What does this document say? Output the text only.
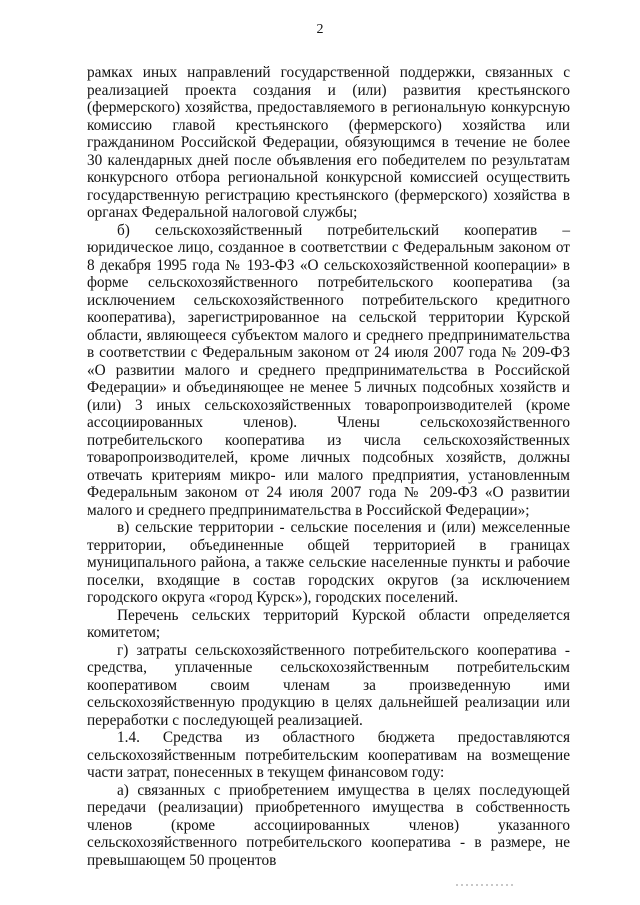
2

рамках иных направлений государственной поддержки, связанных с реализацией проекта создания и (или) развития крестьянского (фермерского) хозяйства, предоставляемого в региональную конкурсную комиссию главой крестьянского (фермерского) хозяйства или гражданином Российской Федерации, обязующимся в течение не более 30 календарных дней после объявления его победителем по результатам конкурсного отбора региональной конкурсной комиссией осуществить государственную регистрацию крестьянского (фермерского) хозяйства в органах Федеральной налоговой службы;

б) сельскохозяйственный потребительский кооператив – юридическое лицо, созданное в соответствии с Федеральным законом от 8 декабря 1995 года № 193-ФЗ «О сельскохозяйственной кооперации» в форме сельскохозяйственного потребительского кооператива (за исключением сельскохозяйственного потребительского кредитного кооператива), зарегистрированное на сельской территории Курской области, являющееся субъектом малого и среднего предпринимательства в соответствии с Федеральным законом от 24 июля 2007 года № 209-ФЗ «О развитии малого и среднего предпринимательства в Российской Федерации» и объединяющее не менее 5 личных подсобных хозяйств и (или) 3 иных сельскохозяйственных товаропроизводителей (кроме ассоциированных членов). Члены сельскохозяйственного потребительского кооператива из числа сельскохозяйственных товаропроизводителей, кроме личных подсобных хозяйств, должны отвечать критериям микро- или малого предприятия, установленным Федеральным законом от 24 июля 2007 года № 209-ФЗ «О развитии малого и среднего предпринимательства в Российской Федерации»;

в) сельские территории - сельские поселения и (или) межселенные территории, объединенные общей территорией в границах муниципального района, а также сельские населенные пункты и рабочие поселки, входящие в состав городских округов (за исключением городского округа «город Курск»), городских поселений.

Перечень сельских территорий Курской области определяется комитетом;

г) затраты сельскохозяйственного потребительского кооператива - средства, уплаченные сельскохозяйственным потребительским кооперативом своим членам за произведенную ими сельскохозяйственную продукцию в целях дальнейшей реализации или переработки с последующей реализацией.

1.4. Средства из областного бюджета предоставляются сельскохозяйственным потребительским кооперативам на возмещение части затрат, понесенных в текущем финансовом году:

а) связанных с приобретением имущества в целях последующей передачи (реализации) приобретенного имущества в собственность членов (кроме ассоциированных членов) указанного сельскохозяйственного потребительского кооператива - в размере, не превышающем 50 процентов
